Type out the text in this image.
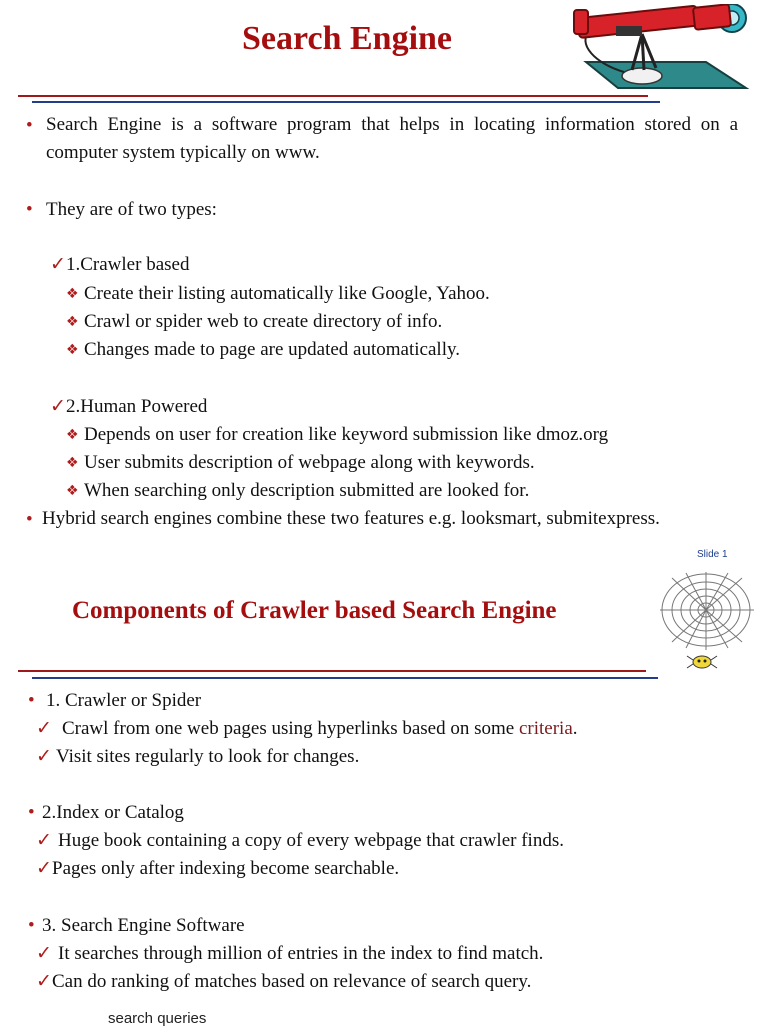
Search Engine
• Search Engine is a software program that helps in locating information stored on a computer system typically on www.
• They are of two types:
✓ 1.Crawler based
❖ Create their listing automatically like Google, Yahoo.
❖ Crawl or spider web to create directory of info.
❖ Changes made to page are updated automatically.
✓ 2.Human Powered
❖ Depends on user for creation like keyword submission like dmoz.org
❖ User submits description of webpage along with keywords.
❖ When searching only description submitted are looked for.
• Hybrid search engines combine these two features e.g. looksmart, submitexpress.
Slide 1
Components of Crawler based Search Engine
• 1. Crawler or Spider
✓ Crawl from one web pages using hyperlinks based on some criteria.
✓ Visit sites regularly to look for changes.
• 2.Index or Catalog
✓ Huge book containing a copy of every webpage that crawler finds.
✓ Pages only after indexing become searchable.
• 3. Search Engine Software
✓ It searches through million of entries in the index to find match.
✓ Can do ranking of matches based on relevance of search query.
search queries
